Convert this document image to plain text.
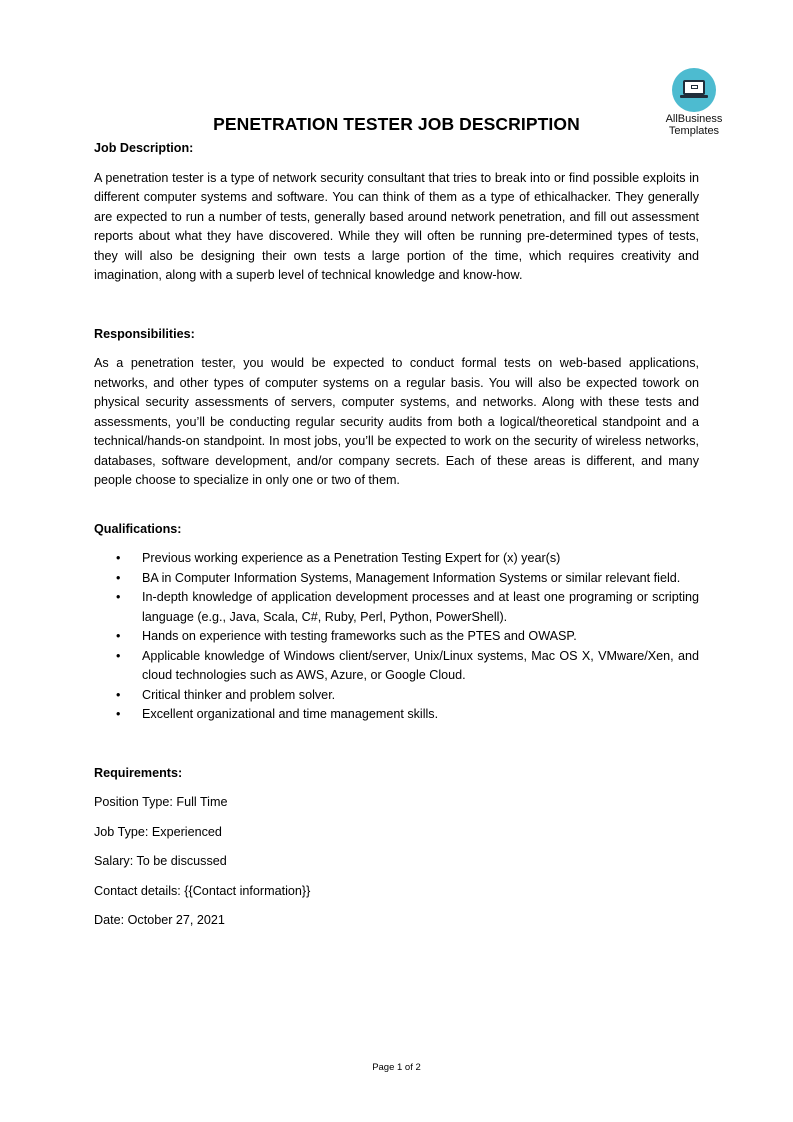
AllBusiness
Templates
PENETRATION TESTER JOB DESCRIPTION

Job Description:

A penetration tester is a type of network security consultant that tries to break into or find possible exploits in different computer systems and software. You can think of them as a type of ethicalhacker. They generally are expected to run a number of tests, generally based around network penetration, and fill out assessment reports about what they have discovered. While they will often be running pre-determined types of tests, they will also be designing their own tests a large portion of the time, which requires creativity and imagination, along with a superb level of technical knowledge and know-how.

Responsibilities:

As a penetration tester, you would be expected to conduct formal tests on web-based applications, networks, and other types of computer systems on a regular basis. You will also be expected towork on physical security assessments of servers, computer systems, and networks. Along with these tests and assessments, you’ll be conducting regular security audits from both a logical/theoretical standpoint and a technical/hands-on standpoint. In most jobs, you’ll be expected to work on the security of wireless networks, databases, software development, and/or company secrets. Each of these areas is different, and many people choose to specialize in only one or two of them.

Qualifications:

• Previous working experience as a Penetration Testing Expert for (x) year(s)
• BA in Computer Information Systems, Management Information Systems or similar relevant field.
• In-depth knowledge of application development processes and at least one programing or scripting language (e.g., Java, Scala, C#, Ruby, Perl, Python, PowerShell).
• Hands on experience with testing frameworks such as the PTES and OWASP.
• Applicable knowledge of Windows client/server, Unix/Linux systems, Mac OS X, VMware/Xen, and cloud technologies such as AWS, Azure, or Google Cloud.
• Critical thinker and problem solver.
• Excellent organizational and time management skills.

Requirements:

Position Type: Full Time

Job Type: Experienced

Salary: To be discussed

Contact details: {{Contact information}}

Date: October 27, 2021

Page 1 of 2
